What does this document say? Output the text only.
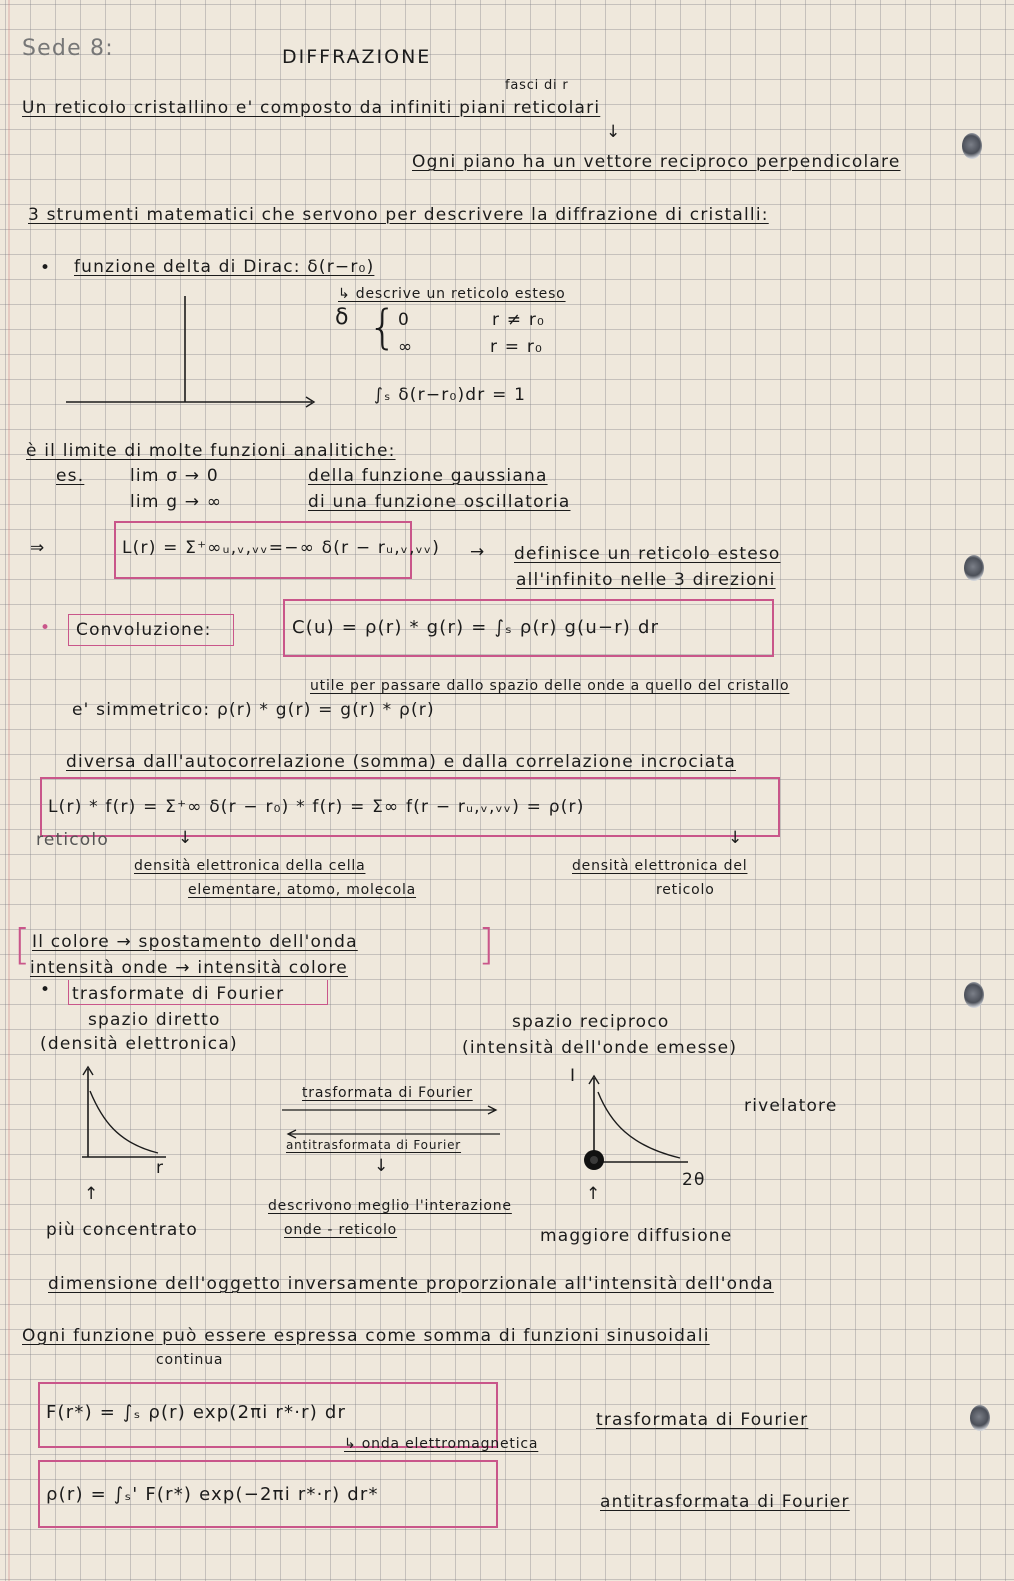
Sede 8:	DIFFRAZIONE
fasci di r
Un reticolo cristallino e' composto da infiniti piani reticolari
↓
Ogni piano ha un vettore reciproco perpendicolare
3 strumenti matematici che servono per descrivere la diffrazione di cristalli:
• funzione delta di Dirac: δ(r−r₀)
↳ descrive un reticolo esteso
δ { 0	r ≠ r₀
∞	r = r₀
∫ₛ δ(r−r₀)dr = 1
è il limite di molte funzioni analitiche:
es.	lim σ → 0	della funzione gaussiana
lim g → ∞	di una funzione oscillatoria
⇒	L(r) = Σ⁺∞ᵤ,ᵥ,ᵥᵥ=−∞ δ(r − rᵤ,ᵥ,ᵥᵥ) → definisce un reticolo esteso
all'infinito nelle 3 direzioni
• Convoluzione:	C(u) = ρ(r) * g(r) = ∫ₛ ρ(r) g(u−r) dr
utile per passare dallo spazio delle onde a quello del cristallo
e' simmetrico: ρ(r) * g(r) = g(r) * ρ(r)
diversa dall'autocorrelazione (somma) e dalla correlazione incrociata
L(r) * f(r) = Σ⁺∞ δ(r − r₀) * f(r) = Σ∞ f(r − rᵤ,ᵥ,ᵥᵥ) = ρ(r)
reticolo	↓	↓
densità elettronica della cella
elementare, atomo, molecola
densità elettronica del
reticolo
[	]
Il colore → spostamento dell'onda
intensità onde → intensità colore
• trasformate di Fourier
spazio diretto
(densità elettronica)
spazio reciproco
(intensità dell'onde emesse)
r
trasformata di Fourier
antitrasformata di Fourier
↓
descrivono meglio l'interazione
onde - reticolo
I
2θ
rivelatore
↑
più concentrato
↑
maggiore diffusione
dimensione dell'oggetto inversamente proporzionale all'intensità dell'onda
Ogni funzione può essere espressa come somma di funzioni sinusoidali
continua
F(r*) = ∫ₛ ρ(r) exp(2πi r*·r) dr	trasformata di Fourier
↳ onda elettromagnetica
ρ(r) = ∫ₛ' F(r*) exp(−2πi r*·r) dr*	antitrasformata di Fourier
